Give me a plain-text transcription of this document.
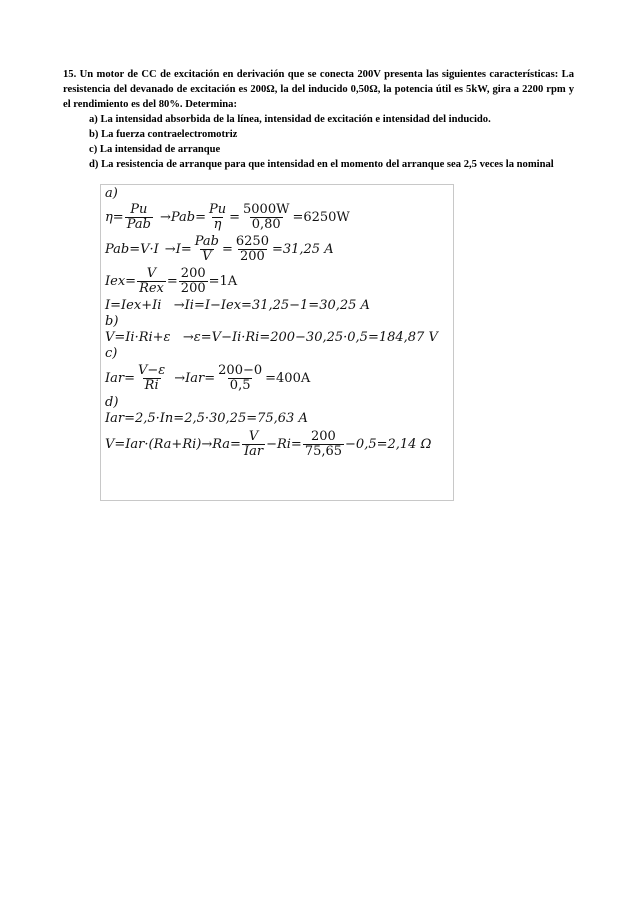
15. Un motor de CC de excitación en derivación que se conecta 200V presenta las siguientes características: La resistencia del devanado de excitación es 200Ω, la del inducido 0,50Ω, la potencia útil es 5kW, gira a 2200 rpm y el rendimiento es del 80%. Determina:

a) La intensidad absorbida de la línea, intensidad de excitación e intensidad del inducido.
b) La fuerza contraelectromotriz
c) La intensidad de arranque
d) La resistencia de arranque para que intensidad en el momento del arranque sea 2,5 veces la nominal
a)
$\eta= \frac{Pu}{\text{Pab}} \to Pab= \frac{Pu}{\eta} = \frac{5000W}{0,80} =6250W$
$Pab=V\cdot I \to I= \frac{\text{Pab}}{V} = \frac{6250}{200} =31,25$ A
$Iex= \frac{V}{\text{Rex}} = \frac{200}{200} =1A$
I=Iex+Ii   →Ii=I−Iex=31,25−1=30,25 A
b)
V=Ii·Ri+ε   →ε=V−Ii·Ri=200−30,25·0,5=184,87 V
c)
$Iar= \frac{V-\varepsilon}{Ri} \to Iar= \frac{200-0}{0,5} =400A$
d)
Iar=2,5·In=2,5·30,25=75,63 A
$V=Iar\cdot(Ra+Ri)\to Ra= \frac{V}{\text{Iar}} -Ri= \frac{200}{75,65} -0,5=2,14$ Ω
